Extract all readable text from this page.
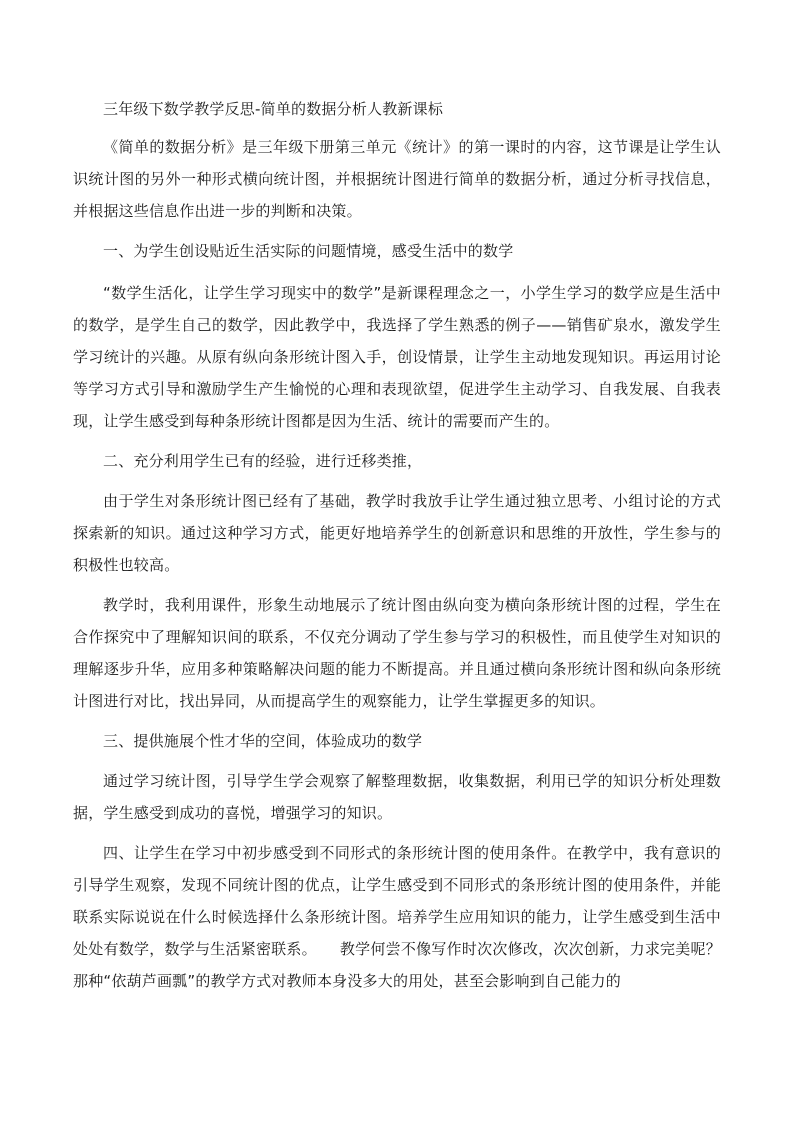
三年级下数学教学反思-简单的数据分析人教新课标

《简单的数据分析》是三年级下册第三单元《统计》的第一课时的内容，这节课是让学生认识统计图的另外一种形式横向统计图，并根据统计图进行简单的数据分析，通过分析寻找信息，并根据这些信息作出进一步的判断和决策。

一、为学生创设贴近生活实际的问题情境，感受生活中的数学

“数学生活化，让学生学习现实中的数学”是新课程理念之一，小学生学习的数学应是生活中的数学，是学生自己的数学，因此教学中，我选择了学生熟悉的例子——销售矿泉水，激发学生学习统计的兴趣。从原有纵向条形统计图入手，创设情景，让学生主动地发现知识。再运用讨论等学习方式引导和激励学生产生愉悦的心理和表现欲望，促进学生主动学习、自我发展、自我表现，让学生感受到每种条形统计图都是因为生活、统计的需要而产生的。

二、充分利用学生已有的经验，进行迁移类推，

由于学生对条形统计图已经有了基础，教学时我放手让学生通过独立思考、小组讨论的方式探索新的知识。通过这种学习方式，能更好地培养学生的创新意识和思维的开放性，学生参与的积极性也较高。

教学时，我利用课件，形象生动地展示了统计图由纵向变为横向条形统计图的过程，学生在合作探究中了理解知识间的联系，不仅充分调动了学生参与学习的积极性，而且使学生对知识的理解逐步升华，应用多种策略解决问题的能力不断提高。并且通过横向条形统计图和纵向条形统计图进行对比，找出异同，从而提高学生的观察能力，让学生掌握更多的知识。

三、提供施展个性才华的空间，体验成功的数学

通过学习统计图，引导学生学会观察了解整理数据，收集数据，利用已学的知识分析处理数据，学生感受到成功的喜悦，增强学习的知识。

四、让学生在学习中初步感受到不同形式的条形统计图的使用条件。在教学中，我有意识的引导学生观察，发现不同统计图的优点，让学生感受到不同形式的条形统计图的使用条件，并能联系实际说说在什么时候选择什么条形统计图。培养学生应用知识的能力，让学生感受到生活中处处有数学，数学与生活紧密联系。　　教学何尝不像写作时次次修改，次次创新，力求完美呢？那种“依葫芦画瓢”的教学方式对教师本身没多大的用处，甚至会影响到自己能力的
